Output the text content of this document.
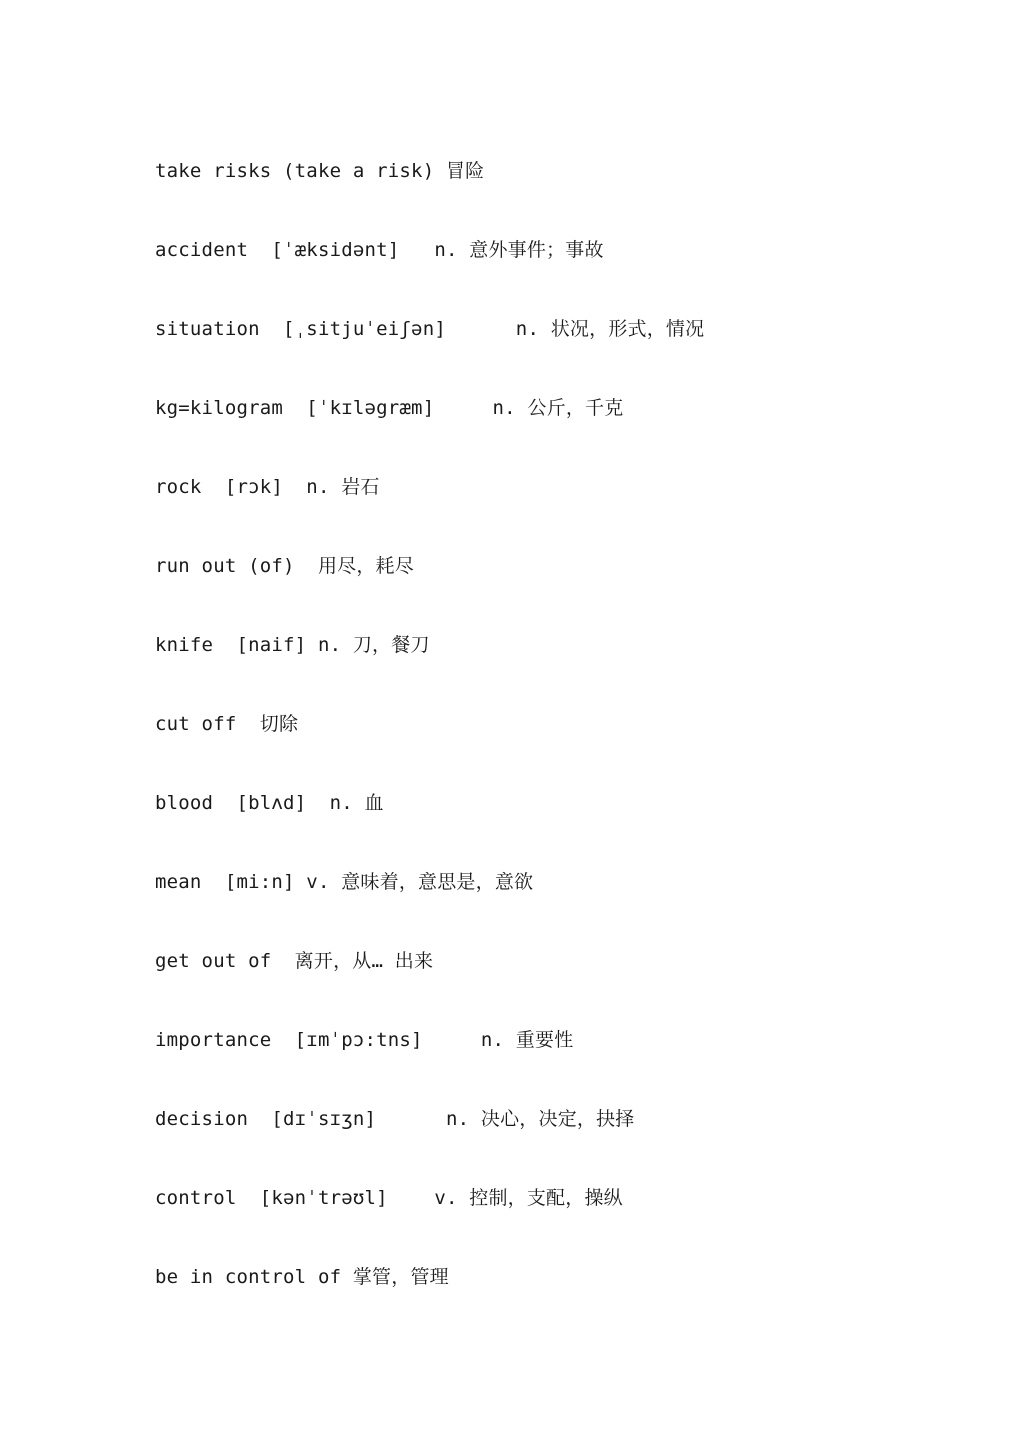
take risks (take a risk) 冒险
accident  [ˈæksidənt]   n. 意外事件；事故
situation  [ˌsitjuˈeiʃən]      n. 状况，形式，情况
kg=kilogram  [ˈkɪləgræm]     n. 公斤，千克
rock  [rɔk]  n. 岩石
run out (of)  用尽，耗尽
knife  [naif] n. 刀，餐刀
cut off  切除
blood  [blʌd]  n. 血
mean  [mi:n] v. 意味着，意思是，意欲
get out of  离开，从… 出来
importance  [ɪmˈpɔ:tns]     n. 重要性
decision  [dɪˈsɪʒn]      n. 决心，决定，抉择
control  [kənˈtrəʊl]    v. 控制，支配，操纵
be in control of 掌管，管理
